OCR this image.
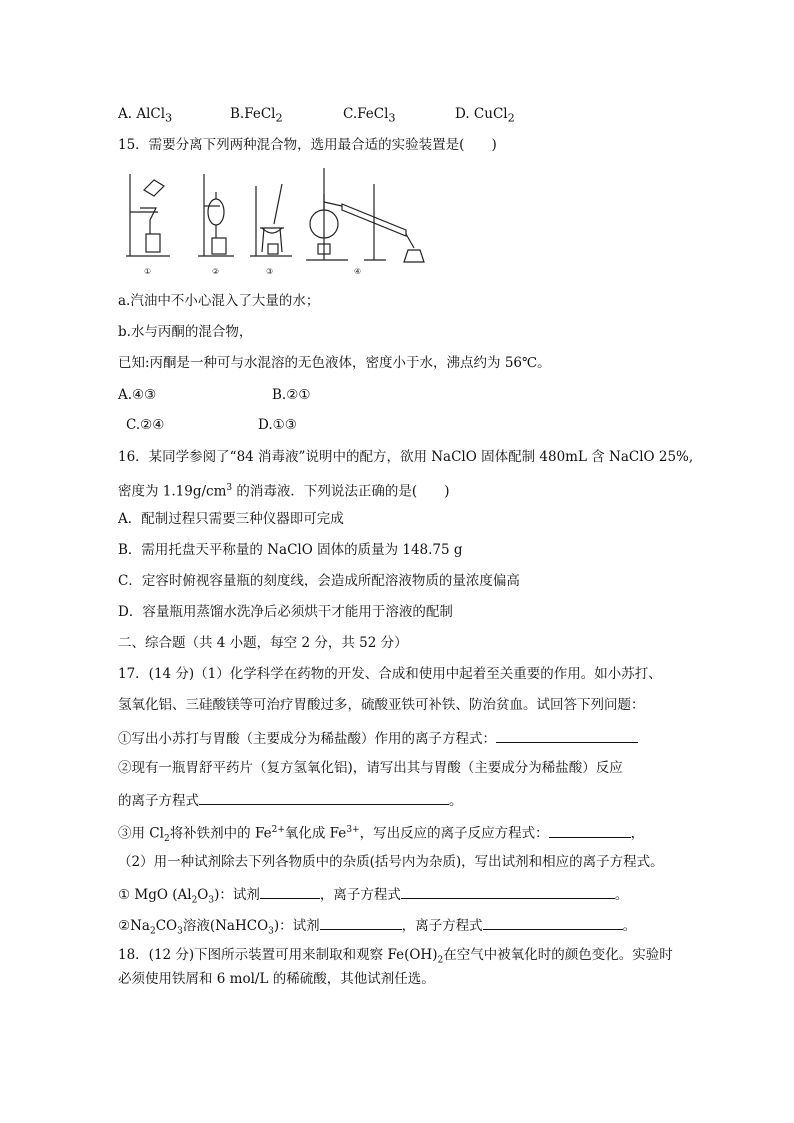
A. AlCl$_3$	B.FeCl$_2$	C.FeCl$_3$	D. CuCl$_2$
15．需要分离下列两种混合物，选用最合适的实验装置是(　　)
①	②	③	④
a.汽油中不小心混入了大量的水；
b.水与丙酮的混合物，
已知:丙酮是一种可与水混溶的无色液体，密度小于水，沸点约为 56℃。
A.④③	B.②①
C.②④	D.①③
16．某同学参阅了“84 消毒液”说明中的配方，欲用 NaClO 固体配制 480mL 含 NaClO 25%,
密度为 $1.19g/cm^3$ 的消毒液．下列说法正确的是(　　)
A．配制过程只需要三种仪器即可完成
B．需用托盘天平称量的 NaClO 固体的质量为 148.75 g
C．定容时俯视容量瓶的刻度线，会造成所配溶液物质的量浓度偏高
D．容量瓶用蒸馏水洗净后必须烘干才能用于溶液的配制
二、综合题（共 4 小题，每空 2 分，共 52 分）
17．(14 分)（1）化学科学在药物的开发、合成和使用中起着至关重要的作用。如小苏打、
氢氧化铝、三硅酸镁等可治疗胃酸过多，硫酸亚铁可补铁、防治贫血。试回答下列问题：
①写出小苏打与胃酸（主要成分为稀盐酸）作用的离子方程式：
②现有一瓶胃舒平药片（复方氢氧化铝)，请写出其与胃酸（主要成分为稀盐酸）反应
的离子方程式	。
③用 $Cl_2$将补铁剂中的 $Fe^{2+}$氧化成 $Fe^{3+}$，写出反应的离子反应方程式：	，
（2）用一种试剂除去下列各物质中的杂质(括号内为杂质)，写出试剂和相应的离子方程式。
① MgO $(Al_2O_3)$：试剂	，离子方程式	。
$②Na_2CO_3$溶液(NaHCO$_3$)：试剂	，离子方程式	。
18．(12 分)下图所示装置可用来制取和观察 $Fe(OH)_2$在空气中被氧化时的颜色变化。实验时
必须使用铁屑和 6 mol/L 的稀硫酸，其他试剂任选。
